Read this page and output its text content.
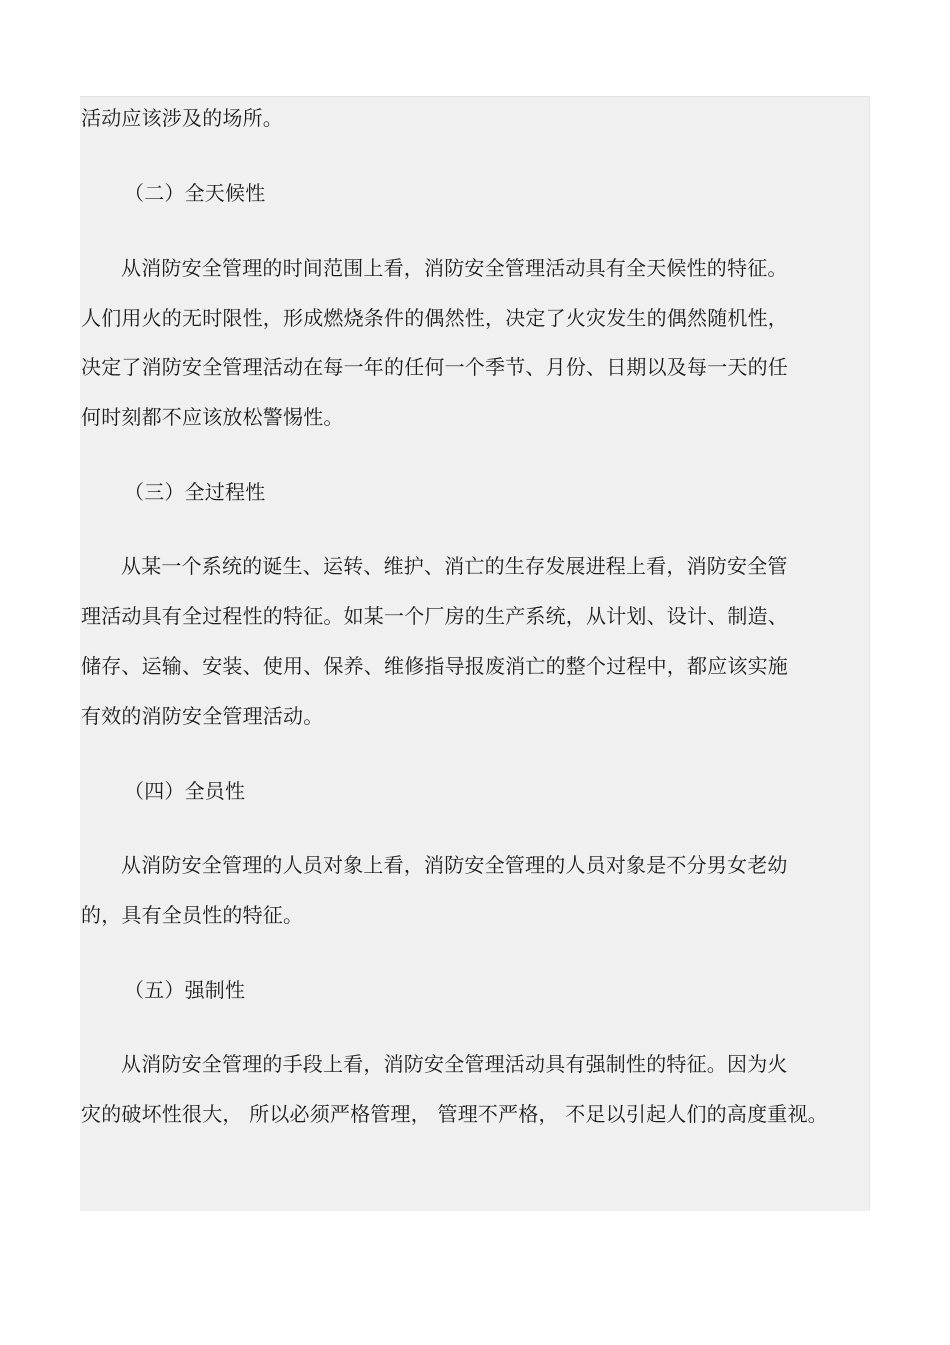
活动应该涉及的场所。
（二）全天候性
从消防安全管理的时间范围上看，消防安全管理活动具有全天候性的特征。
人们用火的无时限性，形成燃烧条件的偶然性，决定了火灾发生的偶然随机性，
决定了消防安全管理活动在每一年的任何一个季节、月份、日期以及每一天的任
何时刻都不应该放松警惕性。
（三）全过程性
从某一个系统的诞生、运转、维护、消亡的生存发展进程上看，消防安全管
理活动具有全过程性的特征。如某一个厂房的生产系统，从计划、设计、制造、
储存、运输、安装、使用、保养、维修指导报废消亡的整个过程中，都应该实施
有效的消防安全管理活动。
（四）全员性
从消防安全管理的人员对象上看，消防安全管理的人员对象是不分男女老幼
的，具有全员性的特征。
（五）强制性
从消防安全管理的手段上看，消防安全管理活动具有强制性的特征。因为火
灾的破坏性很大， 所以必须严格管理， 管理不严格， 不足以引起人们的高度重视。
